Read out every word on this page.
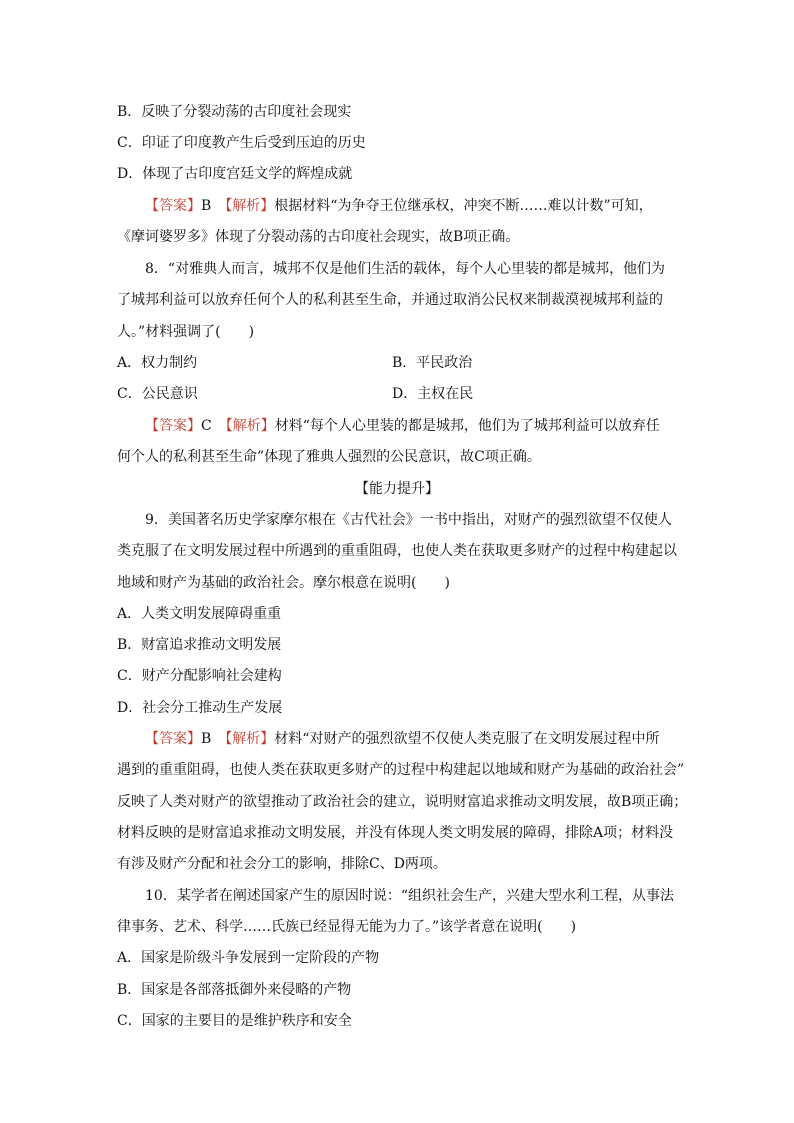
B．反映了分裂动荡的古印度社会现实
C．印证了印度教产生后受到压迫的历史
D．体现了古印度宫廷文学的辉煌成就
【答案】B　【解析】根据材料“为争夺王位继承权，冲突不断……难以计数”可知，
《摩诃婆罗多》体现了分裂动荡的古印度社会现实，故B项正确。
8．“对雅典人而言，城邦不仅是他们生活的载体，每个人心里装的都是城邦，他们为
了城邦利益可以放弃任何个人的私利甚至生命，并通过取消公民权来制裁漠视城邦利益的
人。”材料强调了(　　)
A．权力制约	B．平民政治
C．公民意识	D．主权在民
【答案】C　【解析】材料“每个人心里装的都是城邦，他们为了城邦利益可以放弃任
何个人的私利甚至生命”体现了雅典人强烈的公民意识，故C项正确。
【能力提升】
9．美国著名历史学家摩尔根在《古代社会》一书中指出，对财产的强烈欲望不仅使人
类克服了在文明发展过程中所遇到的重重阻碍，也使人类在获取更多财产的过程中构建起以
地域和财产为基础的政治社会。摩尔根意在说明(　　)
A．人类文明发展障碍重重
B．财富追求推动文明发展
C．财产分配影响社会建构
D．社会分工推动生产发展
【答案】B　【解析】材料“对财产的强烈欲望不仅使人类克服了在文明发展过程中所
遇到的重重阻碍，也使人类在获取更多财产的过程中构建起以地域和财产为基础的政治社会”
反映了人类对财产的欲望推动了政治社会的建立，说明财富追求推动文明发展，故B项正确；
材料反映的是财富追求推动文明发展，并没有体现人类文明发展的障碍，排除A项；材料没
有涉及财产分配和社会分工的影响，排除C、D两项。
10．某学者在阐述国家产生的原因时说：“组织社会生产，兴建大型水利工程，从事法
律事务、艺术、科学……氏族已经显得无能为力了。”该学者意在说明(　　)
A．国家是阶级斗争发展到一定阶段的产物
B．国家是各部落抵御外来侵略的产物
C．国家的主要目的是维护秩序和安全
